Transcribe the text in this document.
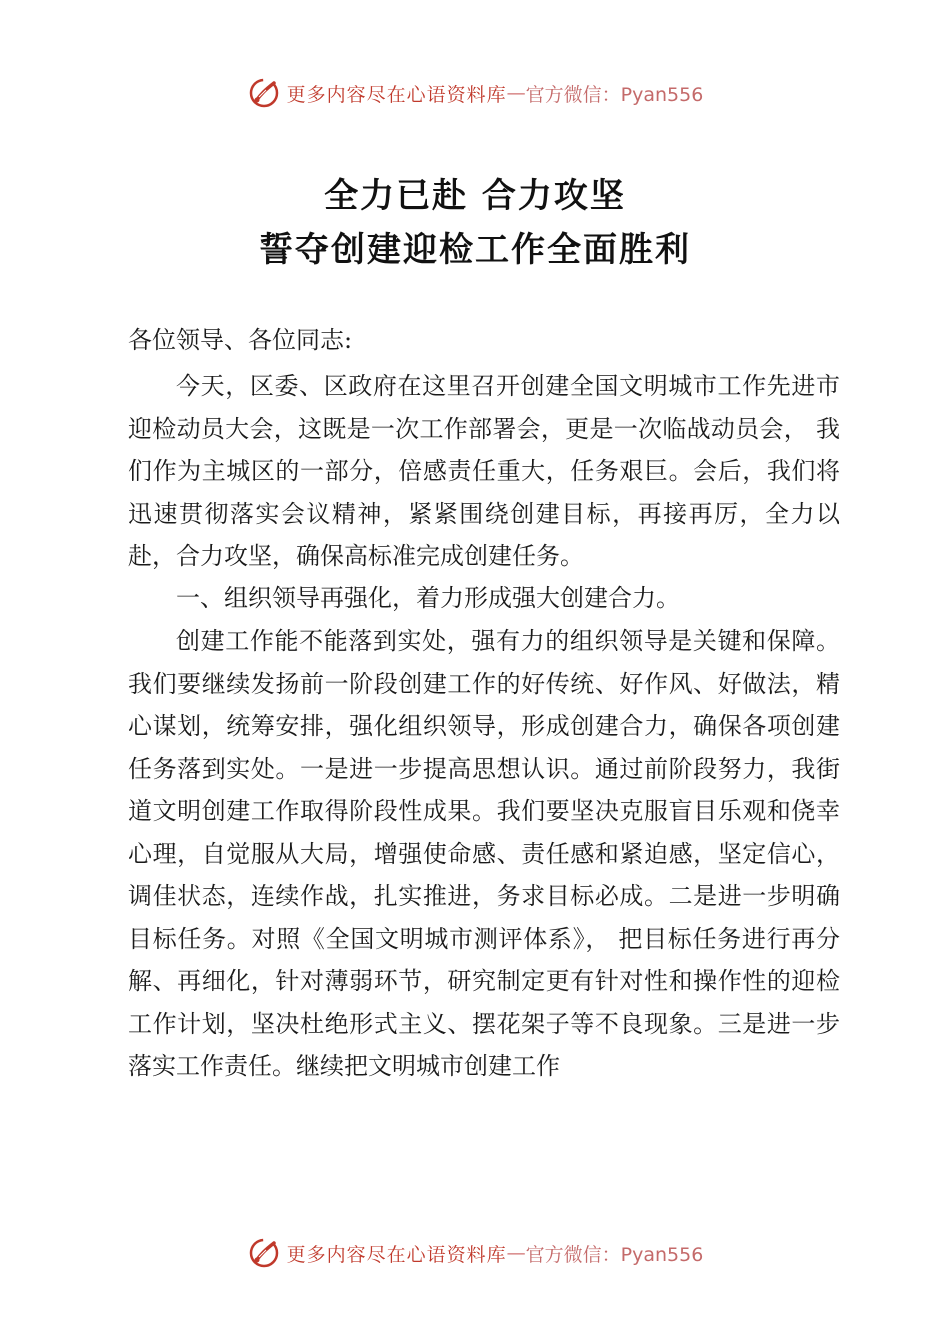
更多内容尽在心语资料库 — 官方微信：Pyan556
全力已赴 合力攻坚
誓夺创建迎检工作全面胜利
各位领导、各位同志:

今天，区委、区政府在这里召开创建全国文明城市工作先进市迎检动员大会，这既是一次工作部署会，更是一次临战动员会， 我们作为主城区的一部分，倍感责任重大，任务艰巨。会后，我们将迅速贯彻落实会议精神，紧紧围绕创建目标，再接再厉，全力以赴，合力攻坚，确保高标准完成创建任务。

一、组织领导再强化，着力形成强大创建合力。

创建工作能不能落到实处，强有力的组织领导是关键和保障。我们要继续发扬前一阶段创建工作的好传统、好作风、好做法，精心谋划，统筹安排，强化组织领导，形成创建合力，确保各项创建任务落到实处。一是进一步提高思想认识。通过前阶段努力，我街道文明创建工作取得阶段性成果。我们要坚决克服盲目乐观和侥幸心理，自觉服从大局，增强使命感、责任感和紧迫感，坚定信心，调佳状态，连续作战，扎实推进，务求目标必成。二是进一步明确目标任务。对照《全国文明城市测评体系》， 把目标任务进行再分解、再细化，针对薄弱环节，研究制定更有针对性和操作性的迎检工作计划，坚决杜绝形式主义、摆花架子等不良现象。三是进一步落实工作责任。继续把文明城市创建工作

更多内容尽在心语资料库 — 官方微信：Pyan556
